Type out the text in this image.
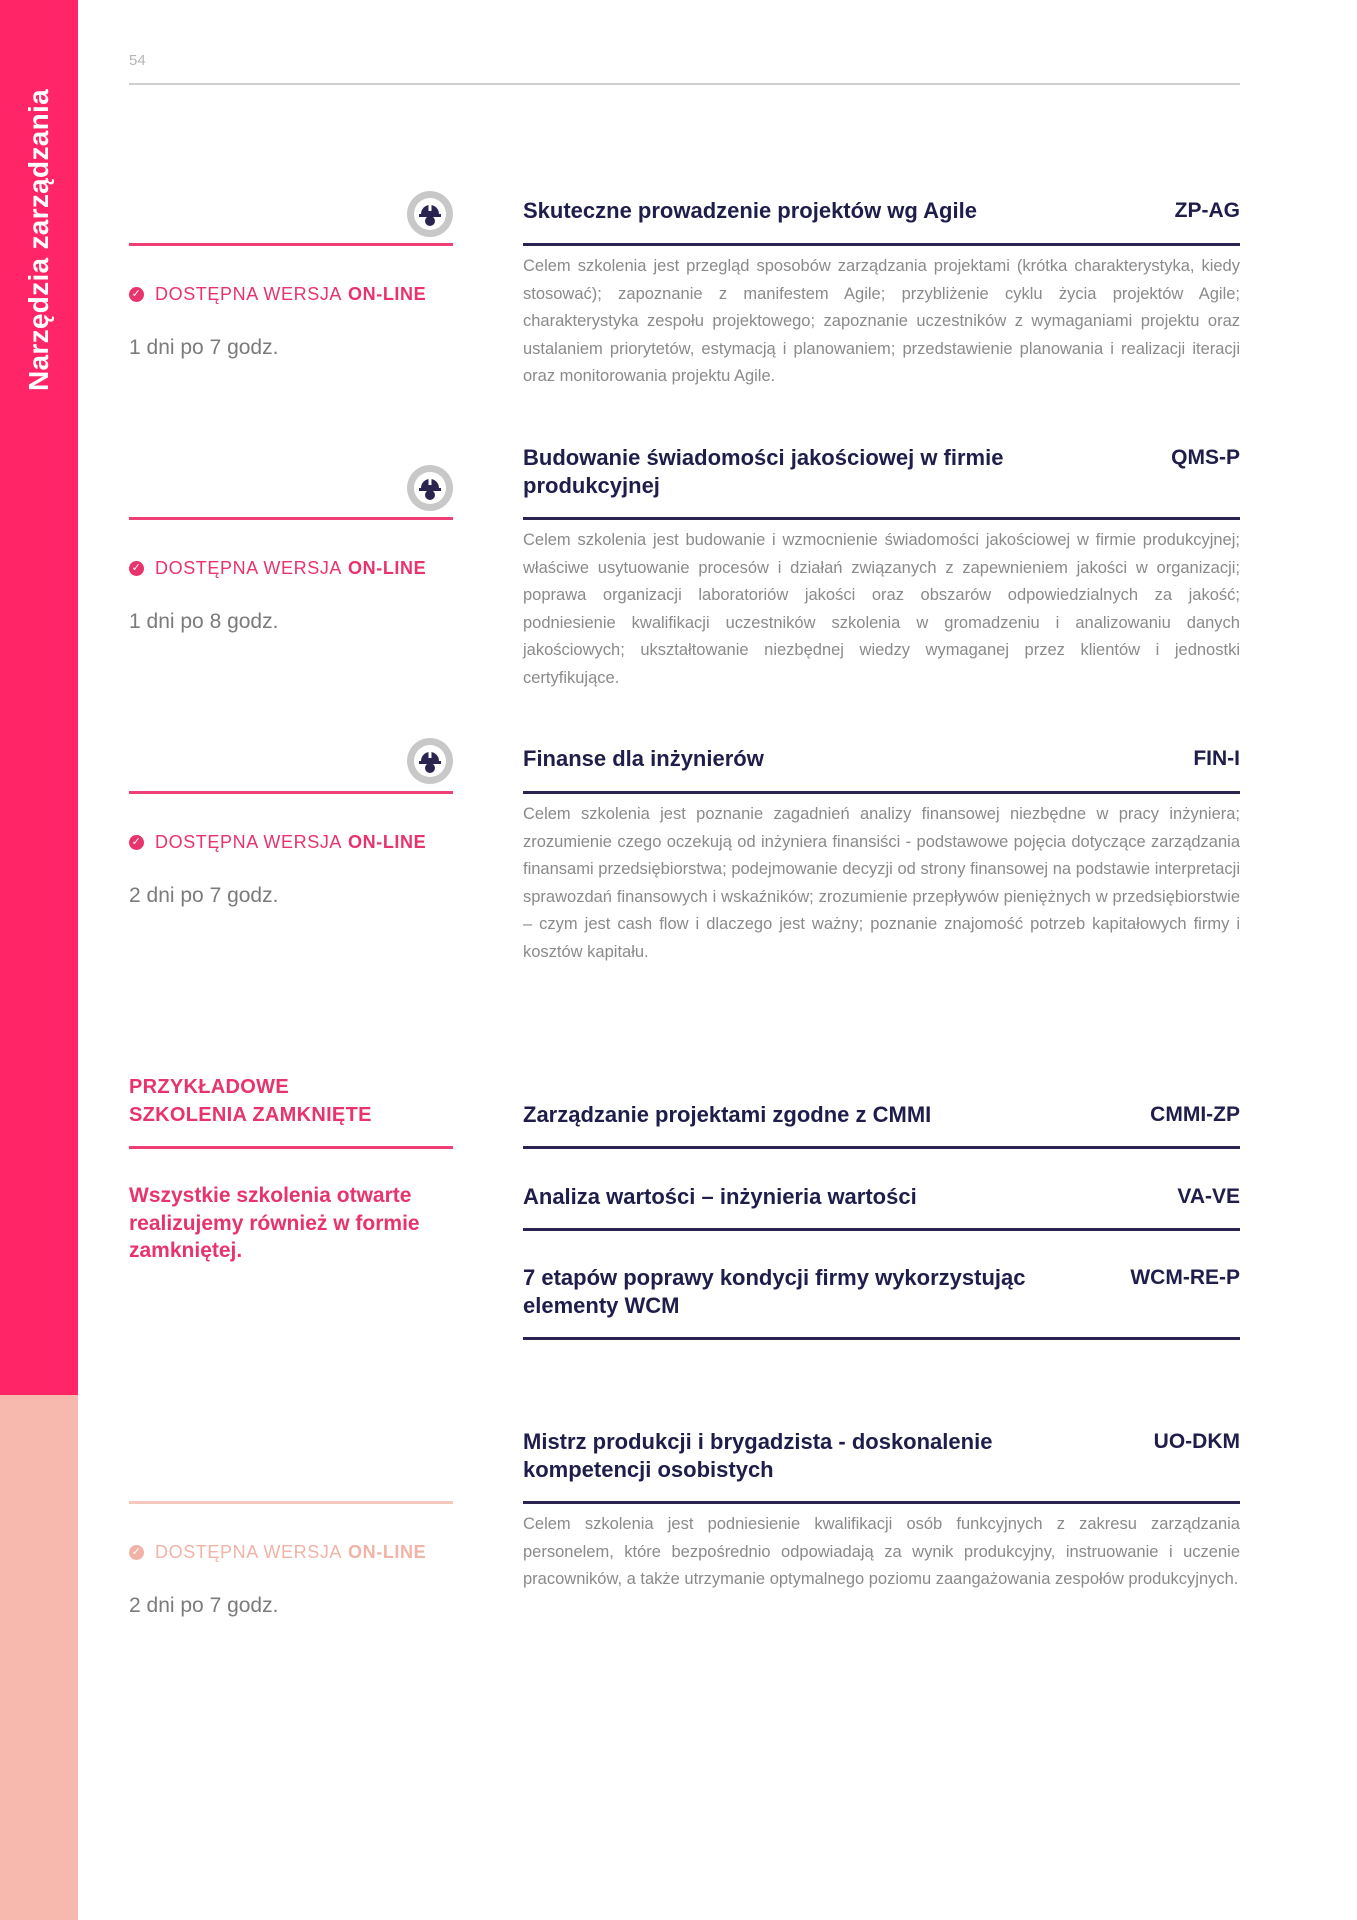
Narzędzia zarządzania
54
✓ DOSTĘPNA WERSJA ON-LINE
1 dni po 7 godz.
Skuteczne prowadzenie projektów wg Agile	ZP-AG

Celem szkolenia jest przegląd sposobów zarządzania projektami (krótka charakterystyka, kiedy stosować); zapoznanie z manifestem Agile; przybliżenie cyklu życia projektów Agile; charakterystyka zespołu projektowego; zapoznanie uczestników z wymaganiami projektu oraz ustalaniem priorytetów, estymacją i planowaniem; przedstawienie planowania i realizacji iteracji oraz monitorowania projektu Agile.

✓ DOSTĘPNA WERSJA ON-LINE
1 dni po 8 godz.
Budowanie świadomości jakościowej w firmie produkcyjnej
QMS-P

Celem szkolenia jest budowanie i wzmocnienie świadomości jakościowej w firmie produkcyjnej; właściwe usytuowanie procesów i działań związanych z zapewnieniem jakości w organizacji; poprawa organizacji laboratoriów jakości oraz obszarów odpowiedzialnych za jakość; podniesienie kwalifikacji uczestników szkolenia w gromadzeniu i analizowaniu danych jakościowych; ukształtowanie niezbędnej wiedzy wymaganej przez klientów i jednostki certyfikujące.

✓ DOSTĘPNA WERSJA ON-LINE
2 dni po 7 godz.
Finanse dla inżynierów	FIN-I

Celem szkolenia jest poznanie zagadnień analizy finansowej niezbędne w pracy inżyniera; zrozumienie czego oczekują od inżyniera finansiści - podstawowe pojęcia dotyczące zarządzania finansami przedsiębiorstwa; podejmowanie decyzji od strony finansowej na podstawie interpretacji sprawozdań finansowych i wskaźników; zrozumienie przepływów pieniężnych w przedsiębiorstwie – czym jest cash flow i dlaczego jest ważny; poznanie znajomość potrzeb kapitałowych firmy i kosztów kapitału.

PRZYKŁADOWE
SZKOLENIA ZAMKNIĘTE
Wszystkie szkolenia otwarte realizujemy również w formie zamkniętej.
Zarządzanie projektami zgodne z CMMI	CMMI-ZP
Analiza wartości – inżynieria wartości	VA-VE
7 etapów poprawy kondycji firmy wykorzystując elementy WCM
WCM-RE-P
✓ DOSTĘPNA WERSJA ON-LINE
2 dni po 7 godz.
Mistrz produkcji i brygadzista - doskonalenie kompetencji osobistych
UO-DKM

Celem szkolenia jest podniesienie kwalifikacji osób funkcyjnych z zakresu zarządzania personelem, które bezpośrednio odpowiadają za wynik produkcyjny, instruowanie i uczenie pracowników, a także utrzymanie optymalnego poziomu zaangażowania zespołów produkcyjnych.
